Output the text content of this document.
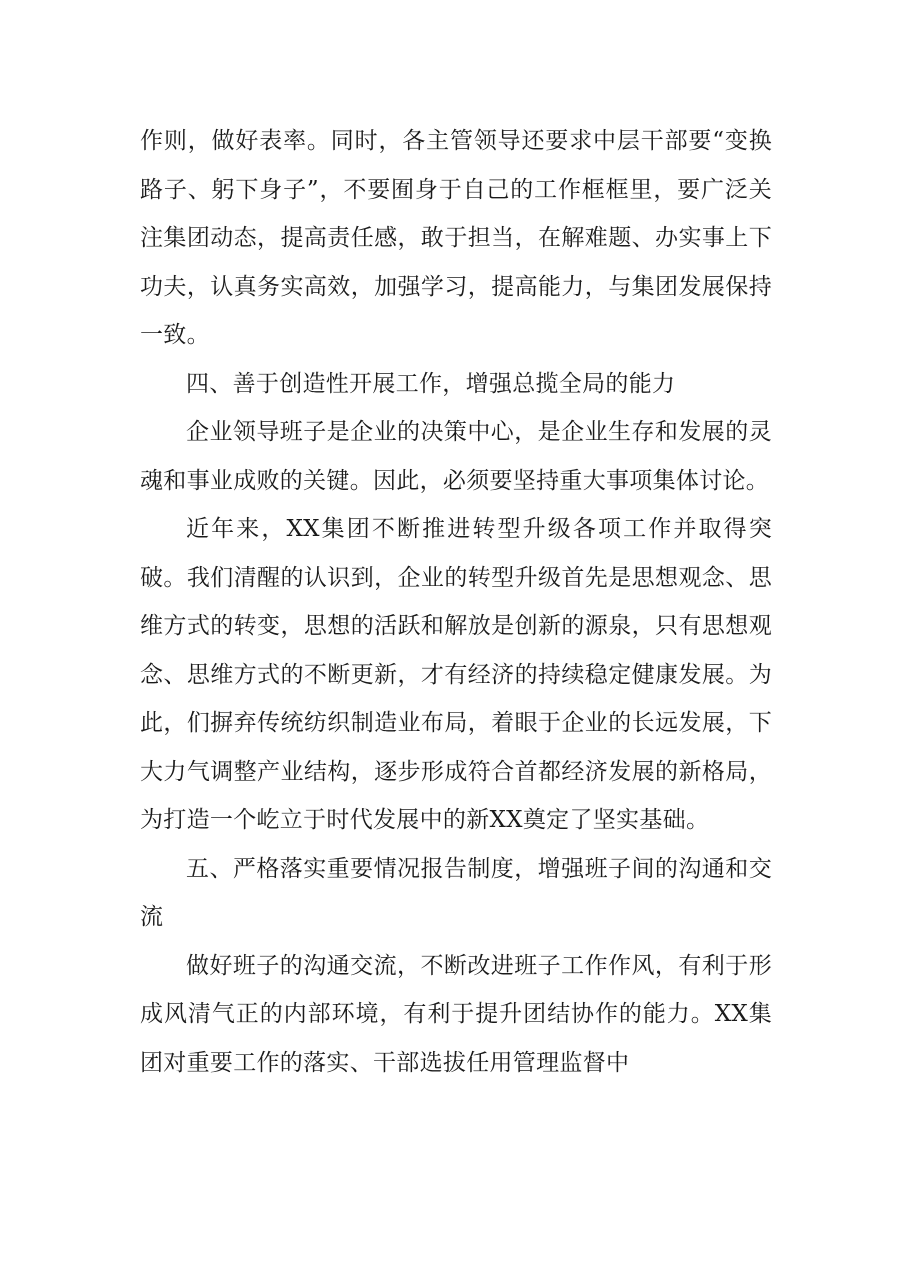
作则，做好表率。同时，各主管领导还要求中层干部要“变换路子、躬下身子”，不要囿身于自己的工作框框里，要广泛关注集团动态，提高责任感，敢于担当，在解难题、办实事上下功夫，认真务实高效，加强学习，提高能力，与集团发展保持一致。

四、善于创造性开展工作，增强总揽全局的能力

企业领导班子是企业的决策中心，是企业生存和发展的灵魂和事业成败的关键。因此，必须要坚持重大事项集体讨论。

近年来，XX集团不断推进转型升级各项工作并取得突破。我们清醒的认识到，企业的转型升级首先是思想观念、思维方式的转变，思想的活跃和解放是创新的源泉，只有思想观念、思维方式的不断更新，才有经济的持续稳定健康发展。为此，们摒弃传统纺织制造业布局，着眼于企业的长远发展，下大力气调整产业结构，逐步形成符合首都经济发展的新格局，为打造一个屹立于时代发展中的新XX奠定了坚实基础。

五、严格落实重要情况报告制度，增强班子间的沟通和交流

做好班子的沟通交流，不断改进班子工作作风，有利于形成风清气正的内部环境，有利于提升团结协作的能力。XX集团对重要工作的落实、干部选拔任用管理监督中
